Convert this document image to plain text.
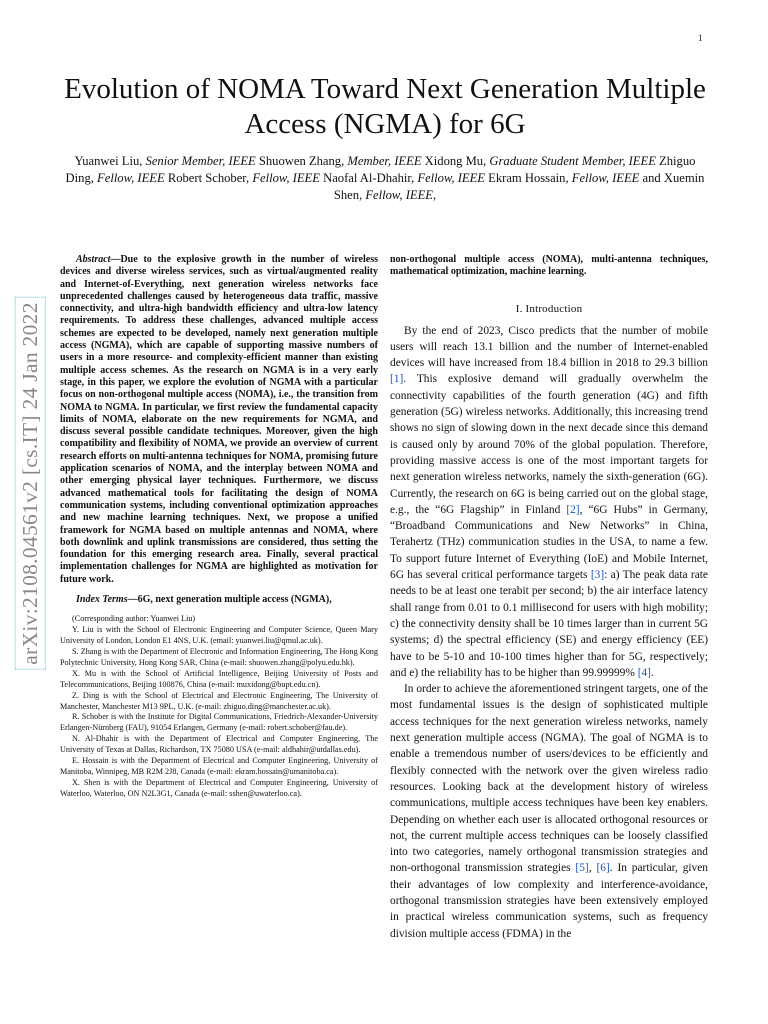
1
arXiv:2108.04561v2 [cs.IT] 24 Jan 2022
Evolution of NOMA Toward Next Generation Multiple Access (NGMA) for 6G
Yuanwei Liu, Senior Member, IEEE Shuowen Zhang, Member, IEEE Xidong Mu, Graduate Student Member, IEEE Zhiguo Ding, Fellow, IEEE Robert Schober, Fellow, IEEE Naofal Al-Dhahir, Fellow, IEEE Ekram Hossain, Fellow, IEEE and Xuemin Shen, Fellow, IEEE,

Abstract—Due to the explosive growth in the number of wireless devices and diverse wireless services, such as virtual/augmented reality and Internet-of-Everything, next generation wireless networks face unprecedented challenges caused by heterogeneous data traffic, massive connectivity, and ultra-high bandwidth efficiency and ultra-low latency requirements. To address these challenges, advanced multiple access schemes are expected to be developed, namely next generation multiple access (NGMA), which are capable of supporting massive numbers of users in a more resource- and complexity-efficient manner than existing multiple access schemes. As the research on NGMA is in a very early stage, in this paper, we explore the evolution of NGMA with a particular focus on non-orthogonal multiple access (NOMA), i.e., the transition from NOMA to NGMA. In particular, we first review the fundamental capacity limits of NOMA, elaborate on the new requirements for NGMA, and discuss several possible candidate techniques. Moreover, given the high compatibility and flexibility of NOMA, we provide an overview of current research efforts on multi-antenna techniques for NOMA, promising future application scenarios of NOMA, and the interplay between NOMA and other emerging physical layer techniques. Furthermore, we discuss advanced mathematical tools for facilitating the design of NOMA communication systems, including conventional optimization approaches and new machine learning techniques. Next, we propose a unified framework for NGMA based on multiple antennas and NOMA, where both downlink and uplink transmissions are considered, thus setting the foundation for this emerging research area. Finally, several practical implementation challenges for NGMA are highlighted as motivation for future work.

Index Terms—6G, next generation multiple access (NGMA),

(Corresponding author: Yuanwei Liu)

Y. Liu is with the School of Electronic Engineering and Computer Science, Queen Mary University of London, London E1 4NS, U.K. (email: yuanwei.liu@qmul.ac.uk).

S. Zhang is with the Department of Electronic and Information Engineering, The Hong Kong Polytechnic University, Hong Kong SAR, China (e-mail: shuowen.zhang@polyu.edu.hk).

X. Mu is with the School of Artificial Intelligence, Beijing University of Posts and Telecommunications, Beijing 100876, China (e-mail: muxidong@bupt.edu.cn).

Z. Ding is with the School of Electrical and Electronic Engineering, The University of Manchester, Manchester M13 9PL, U.K. (e-mail: zhiguo.ding@manchester.ac.uk).

R. Schober is with the Institute for Digital Communications, Friedrich-Alexander-University Erlangen-Nürnberg (FAU), 91054 Erlangen, Germany (e-mail: robert.schober@fau.de).

N. Al-Dhahir is with the Department of Electrical and Computer Engineering, The University of Texas at Dallas, Richardson, TX 75080 USA (e-mail: aldhahir@utdallas.edu).

E. Hossain is with the Department of Electrical and Computer Engineering, University of Manitoba, Winnipeg, MB R2M 2J8, Canada (e-mail: ekram.hossain@umanitoba.ca).

X. Shen is with the Department of Electrical and Computer Engineering, University of Waterloo, Waterloo, ON N2L3G1, Canada (e-mail: sshen@uwaterloo.ca).

non-orthogonal multiple access (NOMA), multi-antenna techniques, mathematical optimization, machine learning.

I. Introduction

By the end of 2023, Cisco predicts that the number of mobile users will reach 13.1 billion and the number of Internet-enabled devices will have increased from 18.4 billion in 2018 to 29.3 billion [1]. This explosive demand will gradually overwhelm the connectivity capabilities of the fourth generation (4G) and fifth generation (5G) wireless networks. Additionally, this increasing trend shows no sign of slowing down in the next decade since this demand is caused only by around 70% of the global population. Therefore, providing massive access is one of the most important targets for next generation wireless networks, namely the sixth-generation (6G). Currently, the research on 6G is being carried out on the global stage, e.g., the “6G Flagship” in Finland [2], “6G Hubs” in Germany, “Broadband Communications and New Networks” in China, Terahertz (THz) communication studies in the USA, to name a few. To support future Internet of Everything (IoE) and Mobile Internet, 6G has several critical performance targets [3]: a) The peak data rate needs to be at least one terabit per second; b) the air interface latency shall range from 0.01 to 0.1 millisecond for users with high mobility; c) the connectivity density shall be 10 times larger than in current 5G systems; d) the spectral efficiency (SE) and energy efficiency (EE) have to be 5-10 and 10-100 times higher than for 5G, respectively; and e) the reliability has to be higher than 99.99999% [4].

In order to achieve the aforementioned stringent targets, one of the most fundamental issues is the design of sophisticated multiple access techniques for the next generation wireless networks, namely next generation multiple access (NGMA). The goal of NGMA is to enable a tremendous number of users/devices to be efficiently and flexibly connected with the network over the given wireless radio resources. Looking back at the development history of wireless communications, multiple access techniques have been key enablers. Depending on whether each user is allocated orthogonal resources or not, the current multiple access techniques can be loosely classified into two categories, namely orthogonal transmission strategies and non-orthogonal transmission strategies [5], [6]. In particular, given their advantages of low complexity and interference-avoidance, orthogonal transmission strategies have been extensively employed in practical wireless communication systems, such as frequency division multiple access (FDMA) in the
